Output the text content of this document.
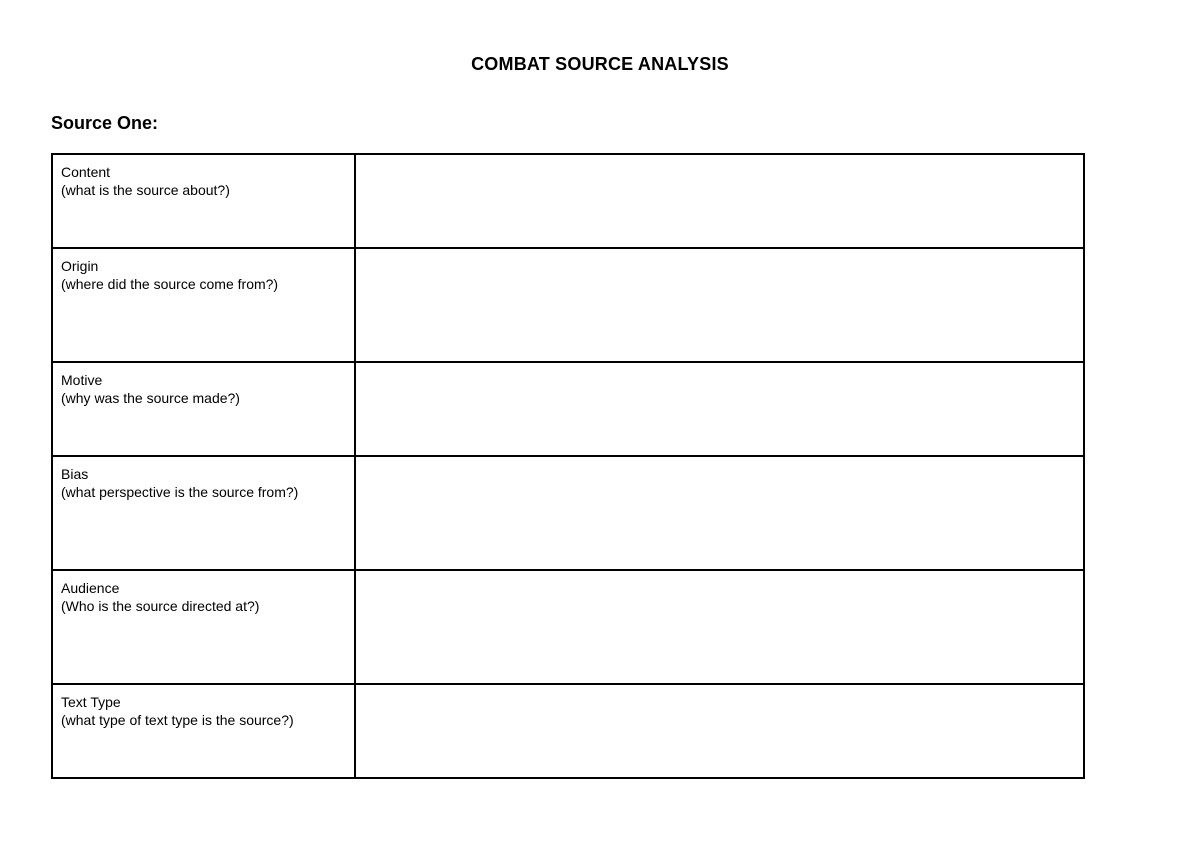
COMBAT SOURCE ANALYSIS
Source One:
Content
(what is the source about?)	

Origin
(where did the source come from?)	

Motive
(why was the source made?)	

Bias
(what perspective is the source from?)	

Audience
(Who is the source directed at?)	

Text Type
(what type of text type is the source?)	
